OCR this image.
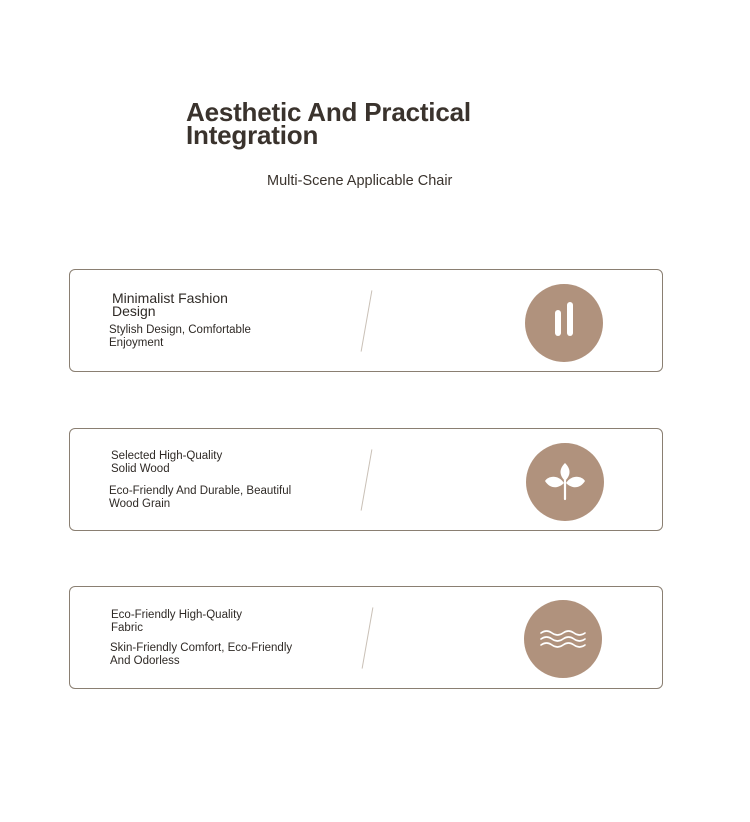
Aesthetic And Practical
Integration
Multi-Scene Applicable Chair
Minimalist Fashion Design
Stylish Design, Comfortable Enjoyment
Selected High-Quality Solid Wood
Eco-Friendly And Durable, Beautiful Wood Grain
Eco-Friendly High-Quality Fabric
Skin-Friendly Comfort, Eco-Friendly And Odorless
